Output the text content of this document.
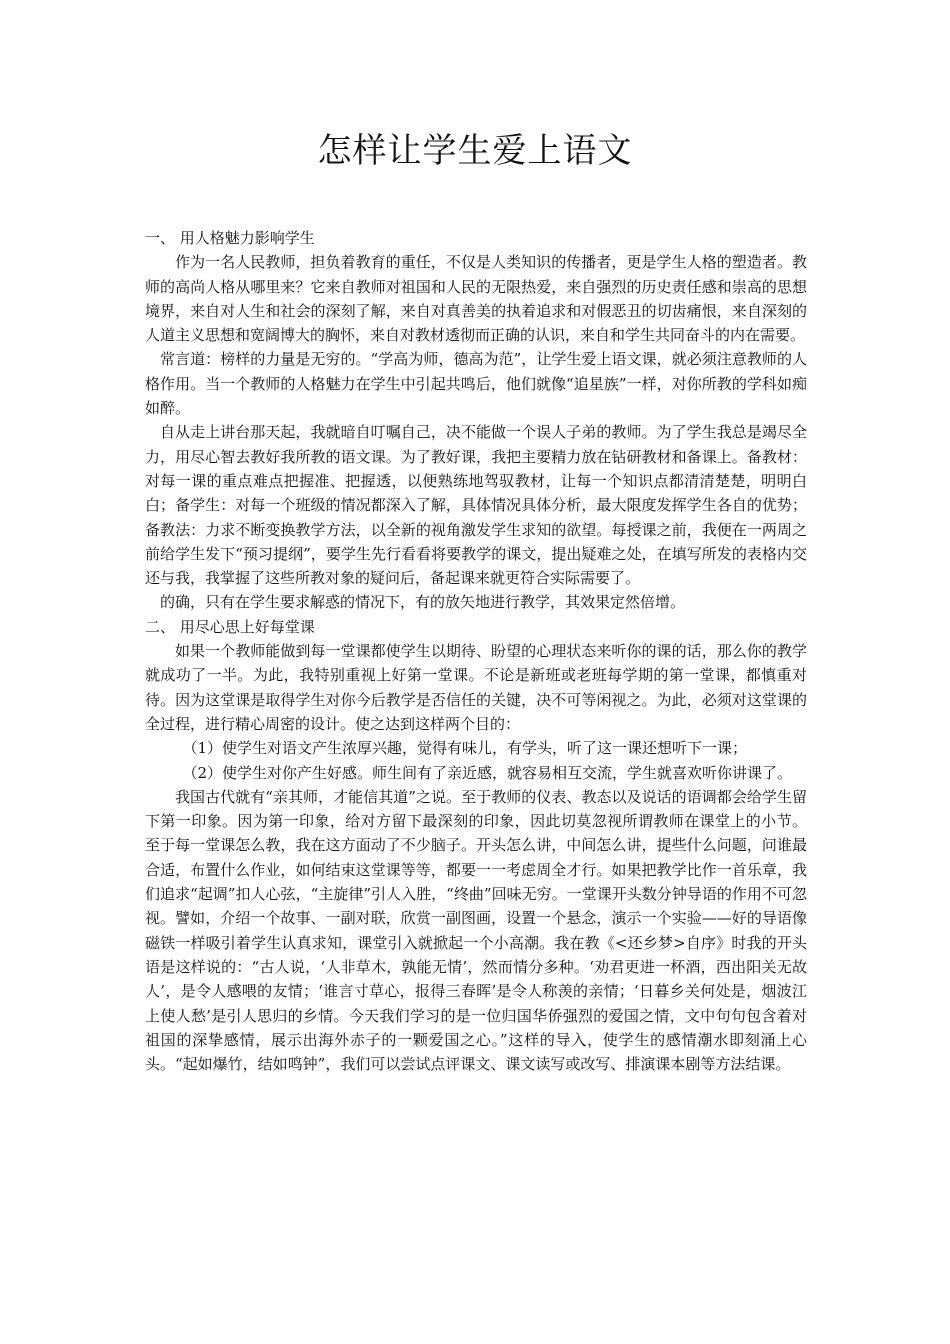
怎样让学生爱上语文

一、 用人格魅力影响学生

作为一名人民教师，担负着教育的重任，不仅是人类知识的传播者，更是学生人格的塑造者。教师的高尚人格从哪里来？它来自教师对祖国和人民的无限热爱，来自强烈的历史责任感和崇高的思想境界，来自对人生和社会的深刻了解，来自对真善美的执着追求和对假恶丑的切齿痛恨，来自深刻的人道主义思想和宽阔博大的胸怀，来自对教材透彻而正确的认识，来自和学生共同奋斗的内在需要。

常言道：榜样的力量是无穷的。“学高为师，德高为范”，让学生爱上语文课，就必须注意教师的人格作用。当一个教师的人格魅力在学生中引起共鸣后，他们就像“追星族”一样，对你所教的学科如痴如醉。

自从走上讲台那天起，我就暗自叮嘱自己，决不能做一个误人子弟的教师。为了学生我总是竭尽全力，用尽心智去教好我所教的语文课。为了教好课，我把主要精力放在钻研教材和备课上。备教材：对每一课的重点难点把握准、把握透，以便熟练地驾驭教材，让每一个知识点都清清楚楚，明明白白；备学生：对每一个班级的情况都深入了解，具体情况具体分析，最大限度发挥学生各自的优势；备教法：力求不断变换教学方法，以全新的视角激发学生求知的欲望。每授课之前，我便在一两周之前给学生发下“预习提纲”，要学生先行看看将要教学的课文，提出疑难之处，在填写所发的表格内交还与我，我掌握了这些所教对象的疑问后，备起课来就更符合实际需要了。

的确，只有在学生要求解惑的情况下，有的放矢地进行教学，其效果定然倍增。

二、 用尽心思上好每堂课

如果一个教师能做到每一堂课都使学生以期待、盼望的心理状态来听你的课的话，那么你的教学就成功了一半。为此，我特别重视上好第一堂课。不论是新班或老班每学期的第一堂课，都慎重对待。因为这堂课是取得学生对你今后教学是否信任的关键，决不可等闲视之。为此，必须对这堂课的全过程，进行精心周密的设计。使之达到这样两个目的：

（1）使学生对语文产生浓厚兴趣，觉得有味儿，有学头，听了这一课还想听下一课；

（2）使学生对你产生好感。师生间有了亲近感，就容易相互交流，学生就喜欢听你讲课了。

我国古代就有“亲其师，才能信其道”之说。至于教师的仪表、教态以及说话的语调都会给学生留下第一印象。因为第一印象，给对方留下最深刻的印象，因此切莫忽视所谓教师在课堂上的小节。 至于每一堂课怎么教，我在这方面动了不少脑子。开头怎么讲，中间怎么讲，提些什么问题，问谁最合适，布置什么作业，如何结束这堂课等等，都要一一考虑周全才行。如果把教学比作一首乐章，我们追求“起调”扣人心弦，“主旋律”引人入胜，“终曲”回味无穷。一堂课开头数分钟导语的作用不可忽视。譬如，介绍一个故事、一副对联，欣赏一副图画，设置一个悬念，演示一个实验——好的导语像磁铁一样吸引着学生认真求知，课堂引入就掀起一个小高潮。我在教《<还乡梦>自序》时我的开头语是这样说的：“古人说，‘人非草木，孰能无情’，然而情分多种。‘劝君更进一杯酒，西出阳关无故人’，是令人感喂的友情；‘谁言寸草心，报得三春晖’是令人称羡的亲情；‘日暮乡关何处是，烟波江上使人愁’是引人思归的乡情。今天我们学习的是一位归国华侨强烈的爱国之情，文中句句包含着对祖国的深挚感情，展示出海外赤子的一颗爱国之心。”这样的导入，使学生的感情潮水即刻涌上心头。“起如爆竹，结如鸣钟”，我们可以尝试点评课文、课文读写或改写、排演课本剧等方法结课。
